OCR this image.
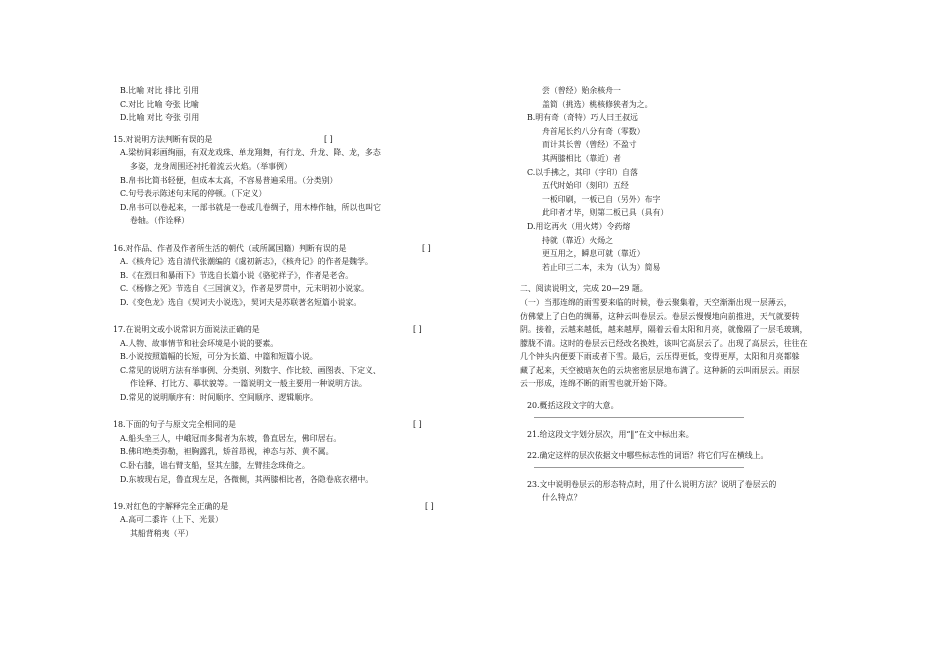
B.比喻 对比 排比 引用
C.对比 比喻 夸张 比喻
D.比喻 对比 夸张 引用
15.对说明方法判断有误的是	[ ]
A.梁枋间彩画绚丽，有双龙戏珠、单龙翔舞，有行龙、升龙、降、龙，多态
多姿，龙身周围还衬托着流云火焰。（举事例）
B.帛书比简书轻便，但成本太高，不容易普遍采用。（分类别）
C.句号表示陈述句末尾的停顿。（下定义）
D.帛书可以卷起来，一部书就是一卷或几卷绸子，用木棒作轴，所以也叫它
卷轴。（作诠释）
16.对作品、作者及作者所生活的朝代（或所属国籍）判断有误的是	[ ]
A.《核舟记》选自清代张潮编的《虞初新志》，《核舟记》的作者是魏学。
B.《在烈日和暴雨下》节选自长篇小说《骆驼祥子》，作者是老舍。
C.《杨修之死》节选自《三国演义》，作者是罗贯中，元末明初小说家。
D.《变色龙》选自《契诃夫小说选》，契诃夫是苏联著名短篇小说家。
17.在说明文或小说常识方面说法正确的是	[ ]
A.人物、故事情节和社会环境是小说的要素。
B.小说按照篇幅的长短，可分为长篇、中篇和短篇小说。
C.常见的说明方法有举事例、分类别、列数字、作比较、画图表、下定义、
作诠释、打比方、摹状貌等。一篇说明文一般主要用一种说明方法。
D.常见的说明顺序有：时间顺序、空间顺序、逻辑顺序。
18.下面的句子与原文完全相同的是	[ ]
A.船头坐三人，中峨冠而多髯者为东坡，鲁直居左，佛印居右。
B.佛印绝类弥勒，袒胸露乳，矫首昂视，神态与苏、黄不属。
C.卧右膝，诎右臂支船，竖其左膝，左臂挂念珠倚之。
D.东坡现右足，鲁直现左足，各微侧，其两膝相比者，各隐卷底衣褶中。
19.对红色的字解释完全正确的是	[ ]
A.高可二黍许（上下、光景）
其船背稍夷（平）
尝（曾经）贻余核舟一
盖简（挑选）桃核修狭者为之。
B.明有奇（奇特）巧人曰王叔远
舟首尾长约八分有奇（零数）
而计其长曾（曾经）不盈寸
其两膝相比（靠近）者
C.以手拂之，其印（字印）自落
五代时始印（刻印）五经
一板印刷，一板已自（另外）布字
此印者才毕，则第二板已具（具有）
D.用讫再火（用火烤）令药熔
持就（靠近）火炀之
更互用之，瞬息可就（靠近）
若止印三二本，未为（认为）简易
二、阅读说明文，完成 20—29 题。
（一）当那连绵的雨雪要来临的时候，卷云聚集着，天空渐渐出现一层薄云，
仿佛蒙上了白色的绸幕，这种云叫卷层云。卷层云慢慢地向前推进，天气就要转
阴。接着，云越来越低，越来越厚，隔着云看太阳和月亮，就像隔了一层毛玻璃，
朦胧不清。这时的卷层云已经改名换姓，该叫它高层云了。出现了高层云，往往在
几个钟头内便要下雨或者下雪。最后，云压得更低，变得更厚，太阳和月亮都躲
藏了起来，天空被暗灰色的云块密密层层地布满了。这种新的云叫雨层云。雨层
云一形成，连绵不断的雨雪也就开始下降。
20.概括这段文字的大意。
21.给这段文字划分层次，用“‖”在文中标出来。
22.确定这样的层次依据文中哪些标志性的词语？将它们写在横线上。
23.文中说明卷层云的形态特点时，用了什么说明方法？说明了卷层云的
什么特点？
